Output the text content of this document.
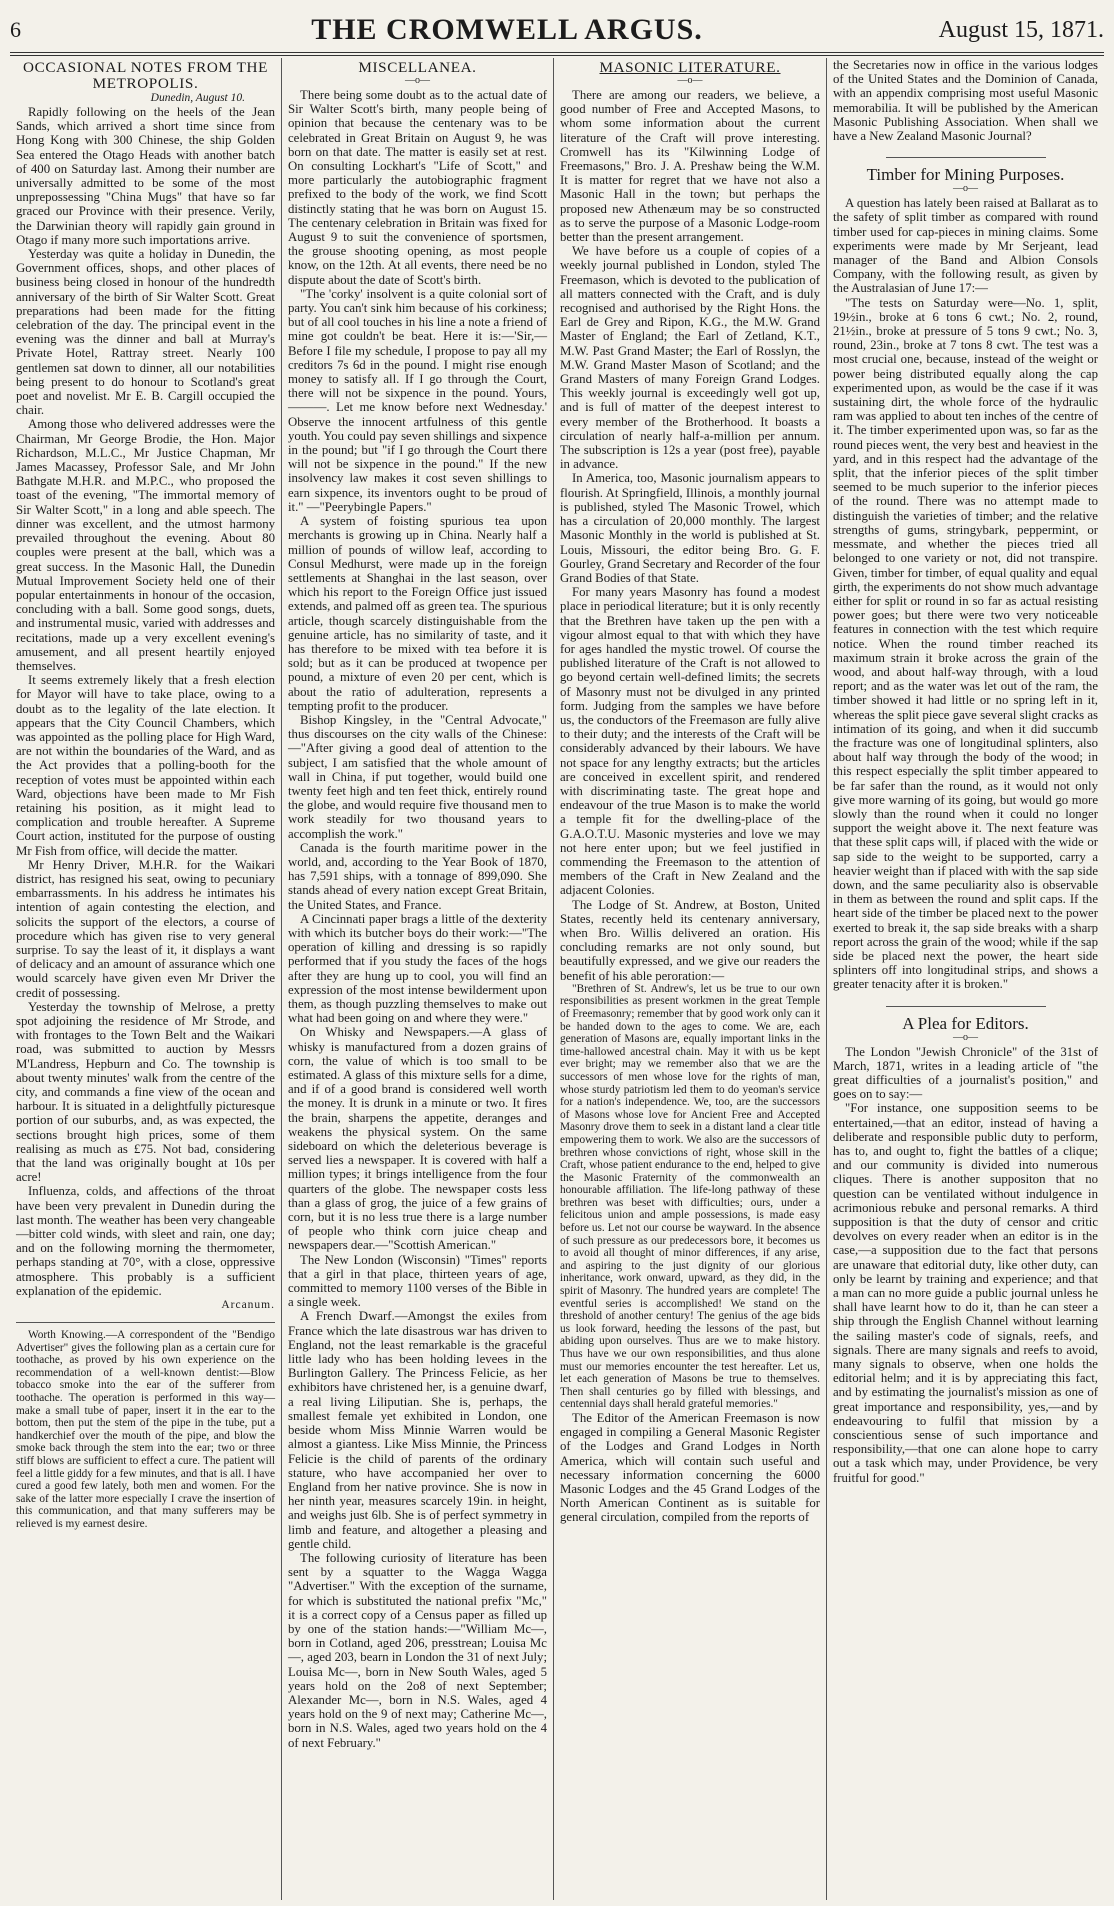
6	THE CROMWELL ARGUS.	August 15, 1871.
OCCASIONAL NOTES FROM THE METROPOLIS.
Dunedin, August 10.

Rapidly following on the heels of the Jean Sands, which arrived a short time since from Hong Kong with 300 Chinese, the ship Golden Sea entered the Otago Heads with another batch of 400 on Saturday last. Among their number are universally admitted to be some of the most unprepossessing "China Mugs" that have so far graced our Province with their presence. Verily, the Darwinian theory will rapidly gain ground in Otago if many more such importations arrive.

Yesterday was quite a holiday in Dunedin, the Government offices, shops, and other places of business being closed in honour of the hundredth anniversary of the birth of Sir Walter Scott. Great preparations had been made for the fitting celebration of the day. The principal event in the evening was the dinner and ball at Murray's Private Hotel, Rattray street. Nearly 100 gentlemen sat down to dinner, all our notabilities being present to do honour to Scotland's great poet and novelist. Mr E. B. Cargill occupied the chair.

Among those who delivered addresses were the Chairman, Mr George Brodie, the Hon. Major Richardson, M.L.C., Mr Justice Chapman, Mr James Macassey, Professor Sale, and Mr John Bathgate M.H.R. and M.P.C., who proposed the toast of the evening, "The immortal memory of Sir Walter Scott," in a long and able speech. The dinner was excellent, and the utmost harmony prevailed throughout the evening. About 80 couples were present at the ball, which was a great success. In the Masonic Hall, the Dunedin Mutual Improvement Society held one of their popular entertainments in honour of the occasion, concluding with a ball. Some good songs, duets, and instrumental music, varied with addresses and recitations, made up a very excellent evening's amusement, and all present heartily enjoyed themselves.

It seems extremely likely that a fresh election for Mayor will have to take place, owing to a doubt as to the legality of the late election. It appears that the City Council Chambers, which was appointed as the polling place for High Ward, are not within the boundaries of the Ward, and as the Act provides that a polling-booth for the reception of votes must be appointed within each Ward, objections have been made to Mr Fish retaining his position, as it might lead to complication and trouble hereafter. A Supreme Court action, instituted for the purpose of ousting Mr Fish from office, will decide the matter.

Mr Henry Driver, M.H.R. for the Waikari district, has resigned his seat, owing to pecuniary embarrassments. In his address he intimates his intention of again contesting the election, and solicits the support of the electors, a course of procedure which has given rise to very general surprise. To say the least of it, it displays a want of delicacy and an amount of assurance which one would scarcely have given even Mr Driver the credit of possessing.

Yesterday the township of Melrose, a pretty spot adjoining the residence of Mr Strode, and with frontages to the Town Belt and the Waikari road, was submitted to auction by Messrs M'Landress, Hepburn and Co. The township is about twenty minutes' walk from the centre of the city, and commands a fine view of the ocean and harbour. It is situated in a delightfully picturesque portion of our suburbs, and, as was expected, the sections brought high prices, some of them realising as much as £75. Not bad, considering that the land was originally bought at 10s per acre!

Influenza, colds, and affections of the throat have been very prevalent in Dunedin during the last month. The weather has been very changeable—bitter cold winds, with sleet and rain, one day; and on the following morning the thermometer, perhaps standing at 70°, with a close, oppressive atmosphere. This probably is a sufficient explanation of the epidemic.

Arcanum.

Worth Knowing.—A correspondent of the "Bendigo Advertiser" gives the following plan as a certain cure for toothache, as proved by his own experience on the recommendation of a well-known dentist:—Blow tobacco smoke into the ear of the sufferer from toothache. The operation is performed in this way—make a small tube of paper, insert it in the ear to the bottom, then put the stem of the pipe in the tube, put a handkerchief over the mouth of the pipe, and blow the smoke back through the stem into the ear; two or three stiff blows are sufficient to effect a cure. The patient will feel a little giddy for a few minutes, and that is all. I have cured a good few lately, both men and women. For the sake of the latter more especially I crave the insertion of this communication, and that many sufferers may be relieved is my earnest desire.

MISCELLANEA.
—o—

There being some doubt as to the actual date of Sir Walter Scott's birth, many people being of opinion that because the centenary was to be celebrated in Great Britain on August 9, he was born on that date. The matter is easily set at rest. On consulting Lockhart's "Life of Scott," and more particularly the autobiographic fragment prefixed to the body of the work, we find Scott distinctly stating that he was born on August 15. The centenary celebration in Britain was fixed for August 9 to suit the convenience of sportsmen, the grouse shooting opening, as most people know, on the 12th. At all events, there need be no dispute about the date of Scott's birth.

"The 'corky' insolvent is a quite colonial sort of party. You can't sink him because of his corkiness; but of all cool touches in his line a note a friend of mine got couldn't be beat. Here it is:—'Sir,—Before I file my schedule, I propose to pay all my creditors 7s 6d in the pound. I might rise enough money to satisfy all. If I go through the Court, there will not be sixpence in the pound. Yours, ———. Let me know before next Wednesday.' Observe the innocent artfulness of this gentle youth. You could pay seven shillings and sixpence in the pound; but "if I go through the Court there will not be sixpence in the pound." If the new insolvency law makes it cost seven shillings to earn sixpence, its inventors ought to be proud of it." —"Peerybingle Papers."

A system of foisting spurious tea upon merchants is growing up in China. Nearly half a million of pounds of willow leaf, according to Consul Medhurst, were made up in the foreign settlements at Shanghai in the last season, over which his report to the Foreign Office just issued extends, and palmed off as green tea. The spurious article, though scarcely distinguishable from the genuine article, has no similarity of taste, and it has therefore to be mixed with tea before it is sold; but as it can be produced at twopence per pound, a mixture of even 20 per cent, which is about the ratio of adulteration, represents a tempting profit to the producer.

Bishop Kingsley, in the "Central Advocate," thus discourses on the city walls of the Chinese:—"After giving a good deal of attention to the subject, I am satisfied that the whole amount of wall in China, if put together, would build one twenty feet high and ten feet thick, entirely round the globe, and would require five thousand men to work steadily for two thousand years to accomplish the work."

Canada is the fourth maritime power in the world, and, according to the Year Book of 1870, has 7,591 ships, with a tonnage of 899,090. She stands ahead of every nation except Great Britain, the United States, and France.

A Cincinnati paper brags a little of the dexterity with which its butcher boys do their work:—"The operation of killing and dressing is so rapidly performed that if you study the faces of the hogs after they are hung up to cool, you will find an expression of the most intense bewilderment upon them, as though puzzling themselves to make out what had been going on and where they were."

On Whisky and Newspapers.—A glass of whisky is manufactured from a dozen grains of corn, the value of which is too small to be estimated. A glass of this mixture sells for a dime, and if of a good brand is considered well worth the money. It is drunk in a minute or two. It fires the brain, sharpens the appetite, deranges and weakens the physical system. On the same sideboard on which the deleterious beverage is served lies a newspaper. It is covered with half a million types; it brings intelligence from the four quarters of the globe. The newspaper costs less than a glass of grog, the juice of a few grains of corn, but it is no less true there is a large number of people who think corn juice cheap and newspapers dear.—"Scottish American."

The New London (Wisconsin) "Times" reports that a girl in that place, thirteen years of age, committed to memory 1100 verses of the Bible in a single week.

A French Dwarf.—Amongst the exiles from France which the late disastrous war has driven to England, not the least remarkable is the graceful little lady who has been holding levees in the Burlington Gallery. The Princess Felicie, as her exhibitors have christened her, is a genuine dwarf, a real living Liliputian. She is, perhaps, the smallest female yet exhibited in London, one beside whom Miss Minnie Warren would be almost a giantess. Like Miss Minnie, the Princess Felicie is the child of parents of the ordinary stature, who have accompanied her over to England from her native province. She is now in her ninth year, measures scarcely 19in. in height, and weighs just 6lb. She is of perfect symmetry in limb and feature, and altogether a pleasing and gentle child.

The following curiosity of literature has been sent by a squatter to the Wagga Wagga "Advertiser." With the exception of the surname, for which is substituted the national prefix "Mc," it is a correct copy of a Census paper as filled up by one of the station hands:—"William Mc—, born in Cotland, aged 206, presstrean; Louisa Mc—, aged 203, bearn in London the 31 of next July; Louisa Mc—, born in New South Wales, aged 5 years hold on the 2o8 of next September; Alexander Mc—, born in N.S. Wales, aged 4 years hold on the 9 of next may; Catherine Mc—, born in N.S. Wales, aged two years hold on the 4 of next February."

MASONIC LITERATURE.
—o—

There are among our readers, we believe, a good number of Free and Accepted Masons, to whom some information about the current literature of the Craft will prove interesting. Cromwell has its "Kilwinning Lodge of Freemasons," Bro. J. A. Preshaw being the W.M. It is matter for regret that we have not also a Masonic Hall in the town; but perhaps the proposed new Athenæum may be so constructed as to serve the purpose of a Masonic Lodge-room better than the present arrangement.

We have before us a couple of copies of a weekly journal published in London, styled The Freemason, which is devoted to the publication of all matters connected with the Craft, and is duly recognised and authorised by the Right Hons. the Earl de Grey and Ripon, K.G., the M.W. Grand Master of England; the Earl of Zetland, K.T., M.W. Past Grand Master; the Earl of Rosslyn, the M.W. Grand Master Mason of Scotland; and the Grand Masters of many Foreign Grand Lodges. This weekly journal is exceedingly well got up, and is full of matter of the deepest interest to every member of the Brotherhood. It boasts a circulation of nearly half-a-million per annum. The subscription is 12s a year (post free), payable in advance.

In America, too, Masonic journalism appears to flourish. At Springfield, Illinois, a monthly journal is published, styled The Masonic Trowel, which has a circulation of 20,000 monthly. The largest Masonic Monthly in the world is published at St. Louis, Missouri, the editor being Bro. G. F. Gourley, Grand Secretary and Recorder of the four Grand Bodies of that State.

For many years Masonry has found a modest place in periodical literature; but it is only recently that the Brethren have taken up the pen with a vigour almost equal to that with which they have for ages handled the mystic trowel. Of course the published literature of the Craft is not allowed to go beyond certain well-defined limits; the secrets of Masonry must not be divulged in any printed form. Judging from the samples we have before us, the conductors of the Freemason are fully alive to their duty; and the interests of the Craft will be considerably advanced by their labours. We have not space for any lengthy extracts; but the articles are conceived in excellent spirit, and rendered with discriminating taste. The great hope and endeavour of the true Mason is to make the world a temple fit for the dwelling-place of the G.A.O.T.U. Masonic mysteries and love we may not here enter upon; but we feel justified in commending the Freemason to the attention of members of the Craft in New Zealand and the adjacent Colonies.

The Lodge of St. Andrew, at Boston, United States, recently held its centenary anniversary, when Bro. Willis delivered an oration. His concluding remarks are not only sound, but beautifully expressed, and we give our readers the benefit of his able peroration:—

"Brethren of St. Andrew's, let us be true to our own responsibilities as present workmen in the great Temple of Freemasonry; remember that by good work only can it be handed down to the ages to come. We are, each generation of Masons are, equally important links in the time-hallowed ancestral chain. May it with us be kept ever bright; may we remember also that we are the successors of men whose love for the rights of man, whose sturdy patriotism led them to do yeoman's service for a nation's independence. We, too, are the successors of Masons whose love for Ancient Free and Accepted Masonry drove them to seek in a distant land a clear title empowering them to work. We also are the successors of brethren whose convictions of right, whose skill in the Craft, whose patient endurance to the end, helped to give the Masonic Fraternity of the commonwealth an honourable affiliation. The life-long pathway of these brethren was beset with difficulties; ours, under a felicitous union and ample possessions, is made easy before us. Let not our course be wayward. In the absence of such pressure as our predecessors bore, it becomes us to avoid all thought of minor differences, if any arise, and aspiring to the just dignity of our glorious inheritance, work onward, upward, as they did, in the spirit of Masonry. The hundred years are complete! The eventful series is accomplished! We stand on the threshold of another century! The genius of the age bids us look forward, heeding the lessons of the past, but abiding upon ourselves. Thus are we to make history. Thus have we our own responsibilities, and thus alone must our memories encounter the test hereafter. Let us, let each generation of Masons be true to themselves. Then shall centuries go by filled with blessings, and centennial days shall herald grateful memories."

The Editor of the American Freemason is now engaged in compiling a General Masonic Register of the Lodges and Grand Lodges in North America, which will contain such useful and necessary information concerning the 6000 Masonic Lodges and the 45 Grand Lodges of the North American Continent as is suitable for general circulation, compiled from the reports of

the Secretaries now in office in the various lodges of the United States and the Dominion of Canada, with an appendix comprising most useful Masonic memorabilia. It will be published by the American Masonic Publishing Association. When shall we have a New Zealand Masonic Journal?

Timber for Mining Purposes.
—o—

A question has lately been raised at Ballarat as to the safety of split timber as compared with round timber used for cap-pieces in mining claims. Some experiments were made by Mr Serjeant, lead manager of the Band and Albion Consols Company, with the following result, as given by the Australasian of June 17:—

"The tests on Saturday were—No. 1, split, 19½in., broke at 6 tons 6 cwt.; No. 2, round, 21½in., broke at pressure of 5 tons 9 cwt.; No. 3, round, 23in., broke at 7 tons 8 cwt. The test was a most crucial one, because, instead of the weight or power being distributed equally along the cap experimented upon, as would be the case if it was sustaining dirt, the whole force of the hydraulic ram was applied to about ten inches of the centre of it. The timber experimented upon was, so far as the round pieces went, the very best and heaviest in the yard, and in this respect had the advantage of the split, that the inferior pieces of the split timber seemed to be much superior to the inferior pieces of the round. There was no attempt made to distinguish the varieties of timber; and the relative strengths of gums, stringybark, peppermint, or messmate, and whether the pieces tried all belonged to one variety or not, did not transpire. Given, timber for timber, of equal quality and equal girth, the experiments do not show much advantage either for split or round in so far as actual resisting power goes; but there were two very noticeable features in connection with the test which require notice. When the round timber reached its maximum strain it broke across the grain of the wood, and about half-way through, with a loud report; and as the water was let out of the ram, the timber showed it had little or no spring left in it, whereas the split piece gave several slight cracks as intimation of its going, and when it did succumb the fracture was one of longitudinal splinters, also about half way through the body of the wood; in this respect especially the split timber appeared to be far safer than the round, as it would not only give more warning of its going, but would go more slowly than the round when it could no longer support the weight above it. The next feature was that these split caps will, if placed with the wide or sap side to the weight to be supported, carry a heavier weight than if placed with with the sap side down, and the same peculiarity also is observable in them as between the round and split caps. If the heart side of the timber be placed next to the power exerted to break it, the sap side breaks with a sharp report across the grain of the wood; while if the sap side be placed next the power, the heart side splinters off into longitudinal strips, and shows a greater tenacity after it is broken."

A Plea for Editors.
—o—

The London "Jewish Chronicle" of the 31st of March, 1871, writes in a leading article of "the great difficulties of a journalist's position," and goes on to say:—

"For instance, one supposition seems to be entertained,—that an editor, instead of having a deliberate and responsible public duty to perform, has to, and ought to, fight the battles of a clique; and our community is divided into numerous cliques. There is another suppositon that no question can be ventilated without indulgence in acrimonious rebuke and personal remarks. A third supposition is that the duty of censor and critic devolves on every reader when an editor is in the case,—a supposition due to the fact that persons are unaware that editorial duty, like other duty, can only be learnt by training and experience; and that a man can no more guide a public journal unless he shall have learnt how to do it, than he can steer a ship through the English Channel without learning the sailing master's code of signals, reefs, and signals. There are many signals and reefs to avoid, many signals to observe, when one holds the editorial helm; and it is by appreciating this fact, and by estimating the journalist's mission as one of great importance and responsibility, yes,—and by endeavouring to fulfil that mission by a conscientious sense of such importance and responsibility,—that one can alone hope to carry out a task which may, under Providence, be very fruitful for good."
